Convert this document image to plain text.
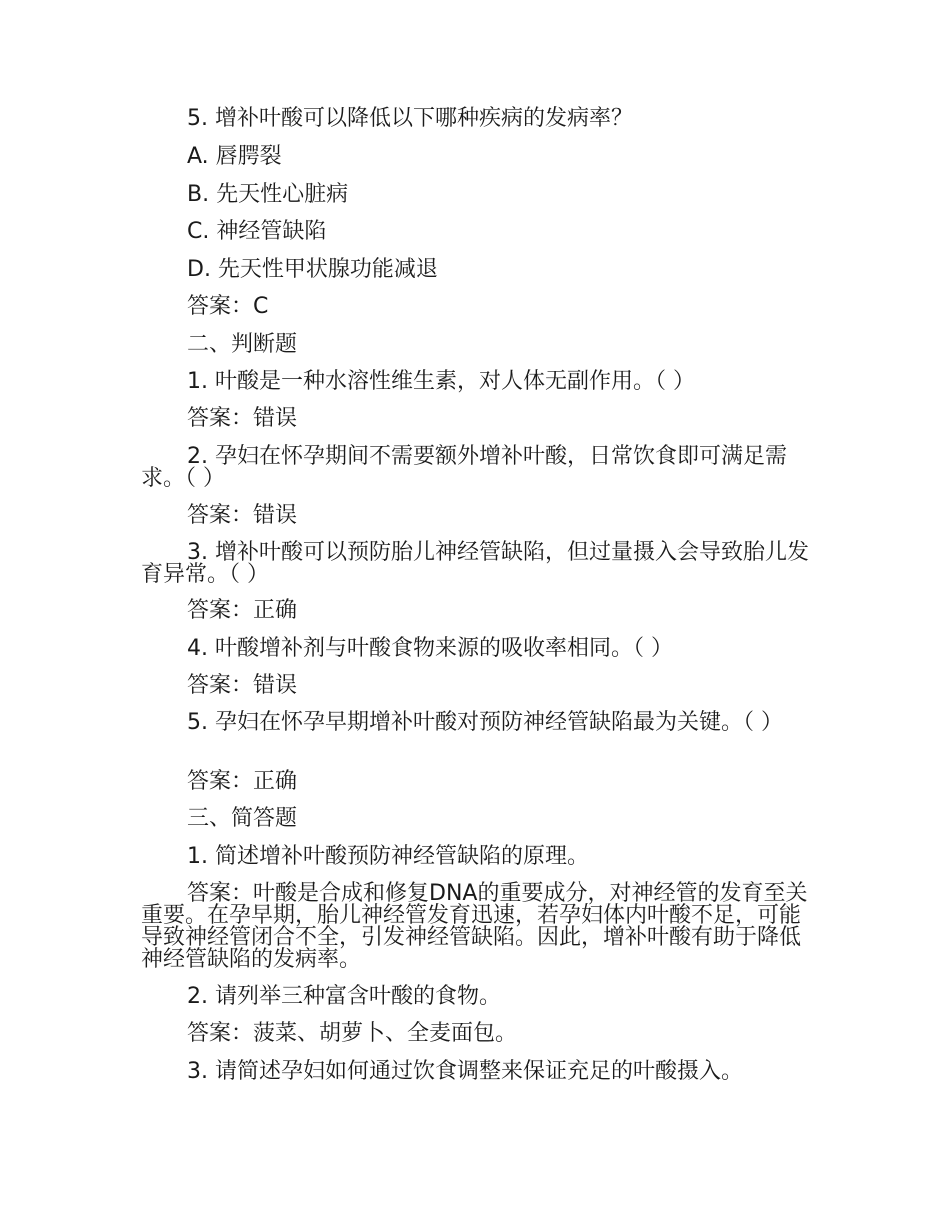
5. 增补叶酸可以降低以下哪种疾病的发病率？
A. 唇腭裂
B. 先天性心脏病
C. 神经管缺陷
D. 先天性甲状腺功能减退
答案：C
二、判断题
1. 叶酸是一种水溶性维生素，对人体无副作用。（ ）
答案：错误
2. 孕妇在怀孕期间不需要额外增补叶酸，日常饮食即可满足需求。（ ）
答案：错误
3. 增补叶酸可以预防胎儿神经管缺陷，但过量摄入会导致胎儿发育异常。（ ）
答案：正确
4. 叶酸增补剂与叶酸食物来源的吸收率相同。（ ）
答案：错误
5. 孕妇在怀孕早期增补叶酸对预防神经管缺陷最为关键。（ ）
答案：正确
三、简答题
1. 简述增补叶酸预防神经管缺陷的原理。
答案：叶酸是合成和修复DNA的重要成分，对神经管的发育至关重要。在孕早期，胎儿神经管发育迅速，若孕妇体内叶酸不足，可能导致神经管闭合不全，引发神经管缺陷。因此，增补叶酸有助于降低神经管缺陷的发病率。
2. 请列举三种富含叶酸的食物。
答案：菠菜、胡萝卜、全麦面包。
3. 请简述孕妇如何通过饮食调整来保证充足的叶酸摄入。
